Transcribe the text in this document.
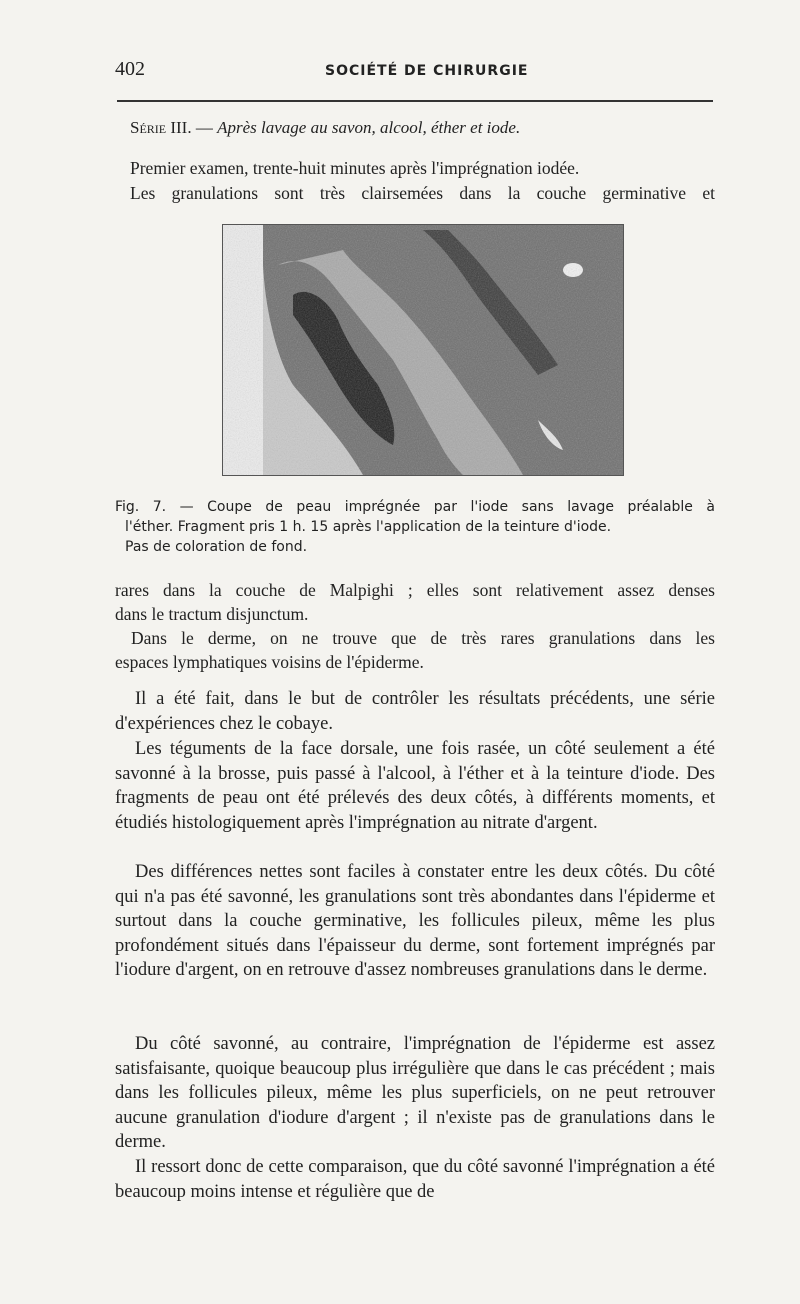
402	SOCIÉTÉ DE CHIRURGIE
Série III. — Après lavage au savon, alcool, éther et iode.
Premier examen, trente-huit minutes après l'imprégnation iodée.
Les granulations sont très clairsemées dans la couche germinative et
Fig. 7. — Coupe de peau imprégnée par l'iode sans lavage préalable à
l'éther. Fragment pris 1 h. 15 après l'application de la teinture d'iode.
Pas de coloration de fond.
rares dans la couche de Malpighi ; elles sont relativement assez denses
dans le tractum disjunctum.
Dans le derme, on ne trouve que de très rares granulations dans les
espaces lymphatiques voisins de l'épiderme.
Il a été fait, dans le but de contrôler les résultats précédents, une série d'expériences chez le cobaye.
Les téguments de la face dorsale, une fois rasée, un côté seulement a été savonné à la brosse, puis passé à l'alcool, à l'éther et à la teinture d'iode. Des fragments de peau ont été prélevés des deux côtés, à différents moments, et étudiés histologiquement après l'imprégnation au nitrate d'argent.
Des différences nettes sont faciles à constater entre les deux côtés. Du côté qui n'a pas été savonné, les granulations sont très abondantes dans l'épiderme et surtout dans la couche germinative, les follicules pileux, même les plus profondément situés dans l'épaisseur du derme, sont fortement imprégnés par l'iodure d'argent, on en retrouve d'assez nombreuses granulations dans le derme.
Du côté savonné, au contraire, l'imprégnation de l'épiderme est assez satisfaisante, quoique beaucoup plus irrégulière que dans le cas précédent ; mais dans les follicules pileux, même les plus superficiels, on ne peut retrouver aucune granulation d'iodure d'argent ; il n'existe pas de granulations dans le derme.
Il ressort donc de cette comparaison, que du côté savonné l'imprégnation a été beaucoup moins intense et régulière que de
